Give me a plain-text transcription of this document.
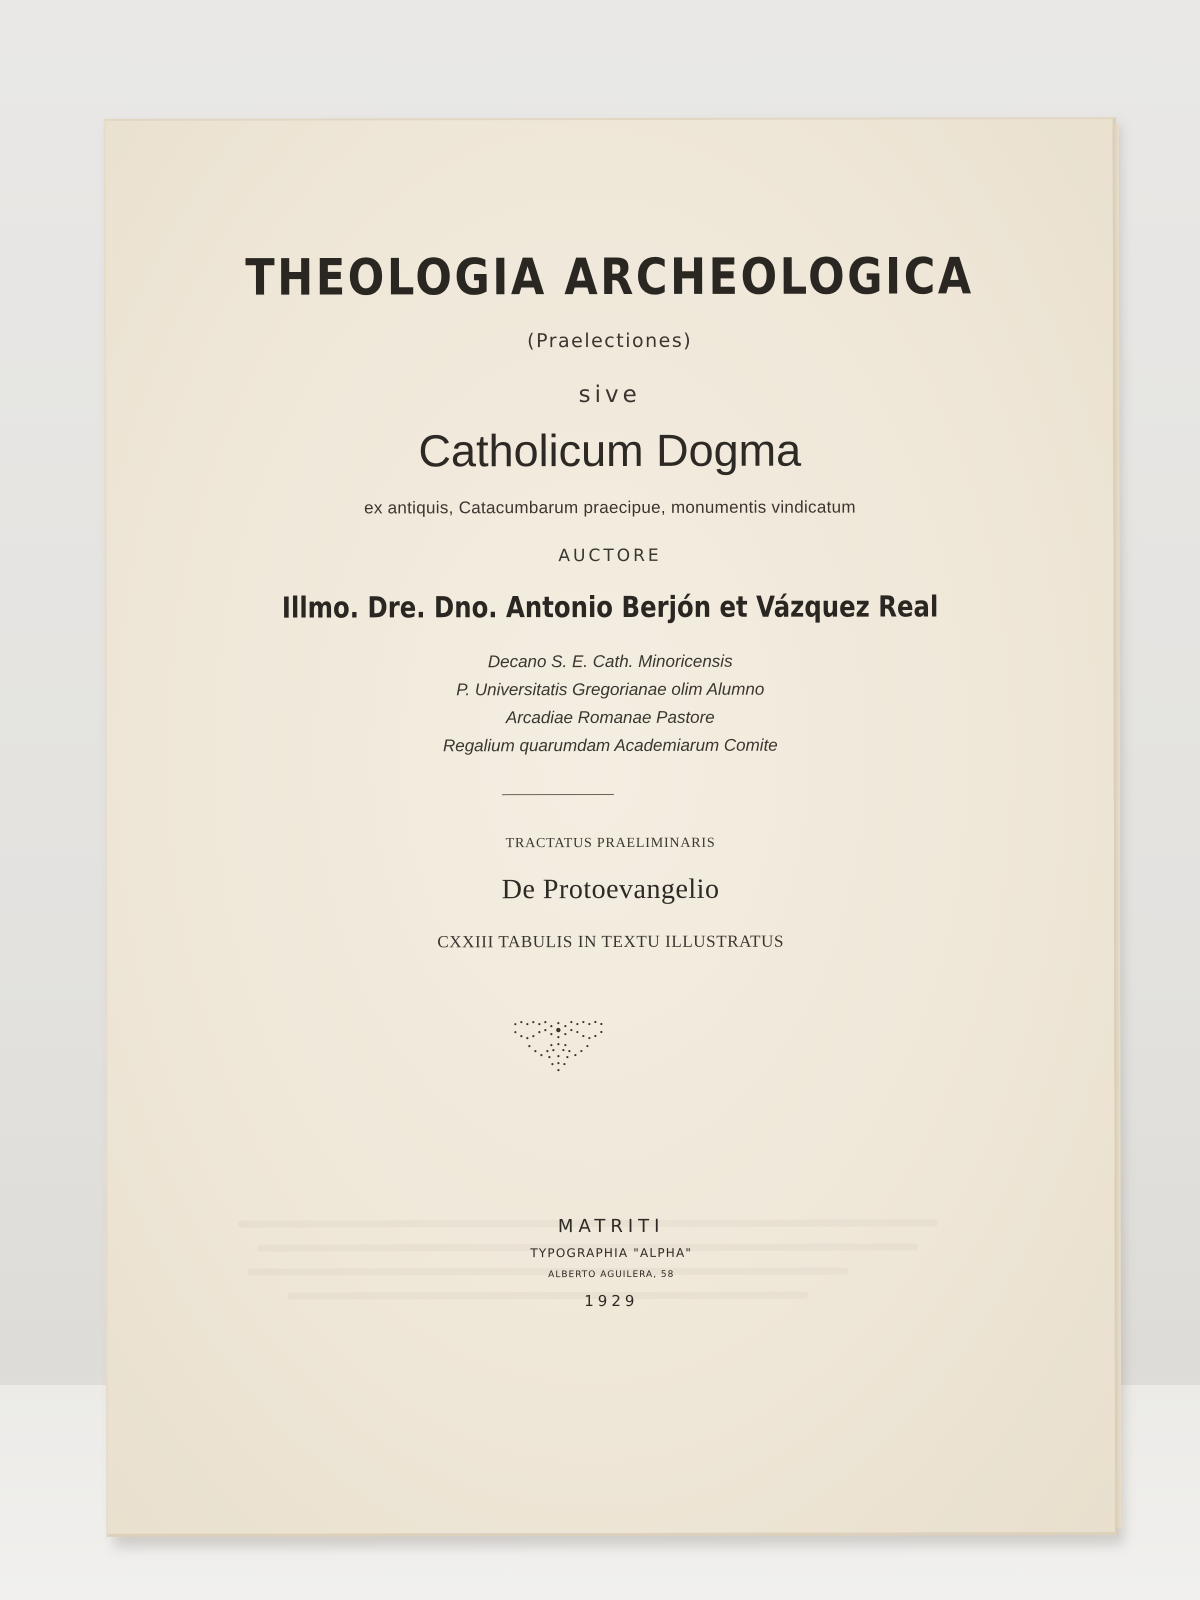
THEOLOGIA ARCHEOLOGICA
(Praelectiones)
sive
Catholicum Dogma
ex antiquis, Catacumbarum praecipue, monumentis vindicatum
AUCTORE
Illmo. Dre. Dno. Antonio Berjón et Vázquez Real
Decano S. E. Cath. Minoricensis
P. Universitatis Gregorianae olim Alumno
Arcadiae Romanae Pastore
Regalium quarumdam Academiarum Comite
TRACTATUS PRAELIMINARIS
De Protoevangelio
CXXIII TABULIS IN TEXTU ILLUSTRATUS
MATRITI
TYPOGRAPHIA "ALPHA"
ALBERTO AGUILERA, 58
1929
